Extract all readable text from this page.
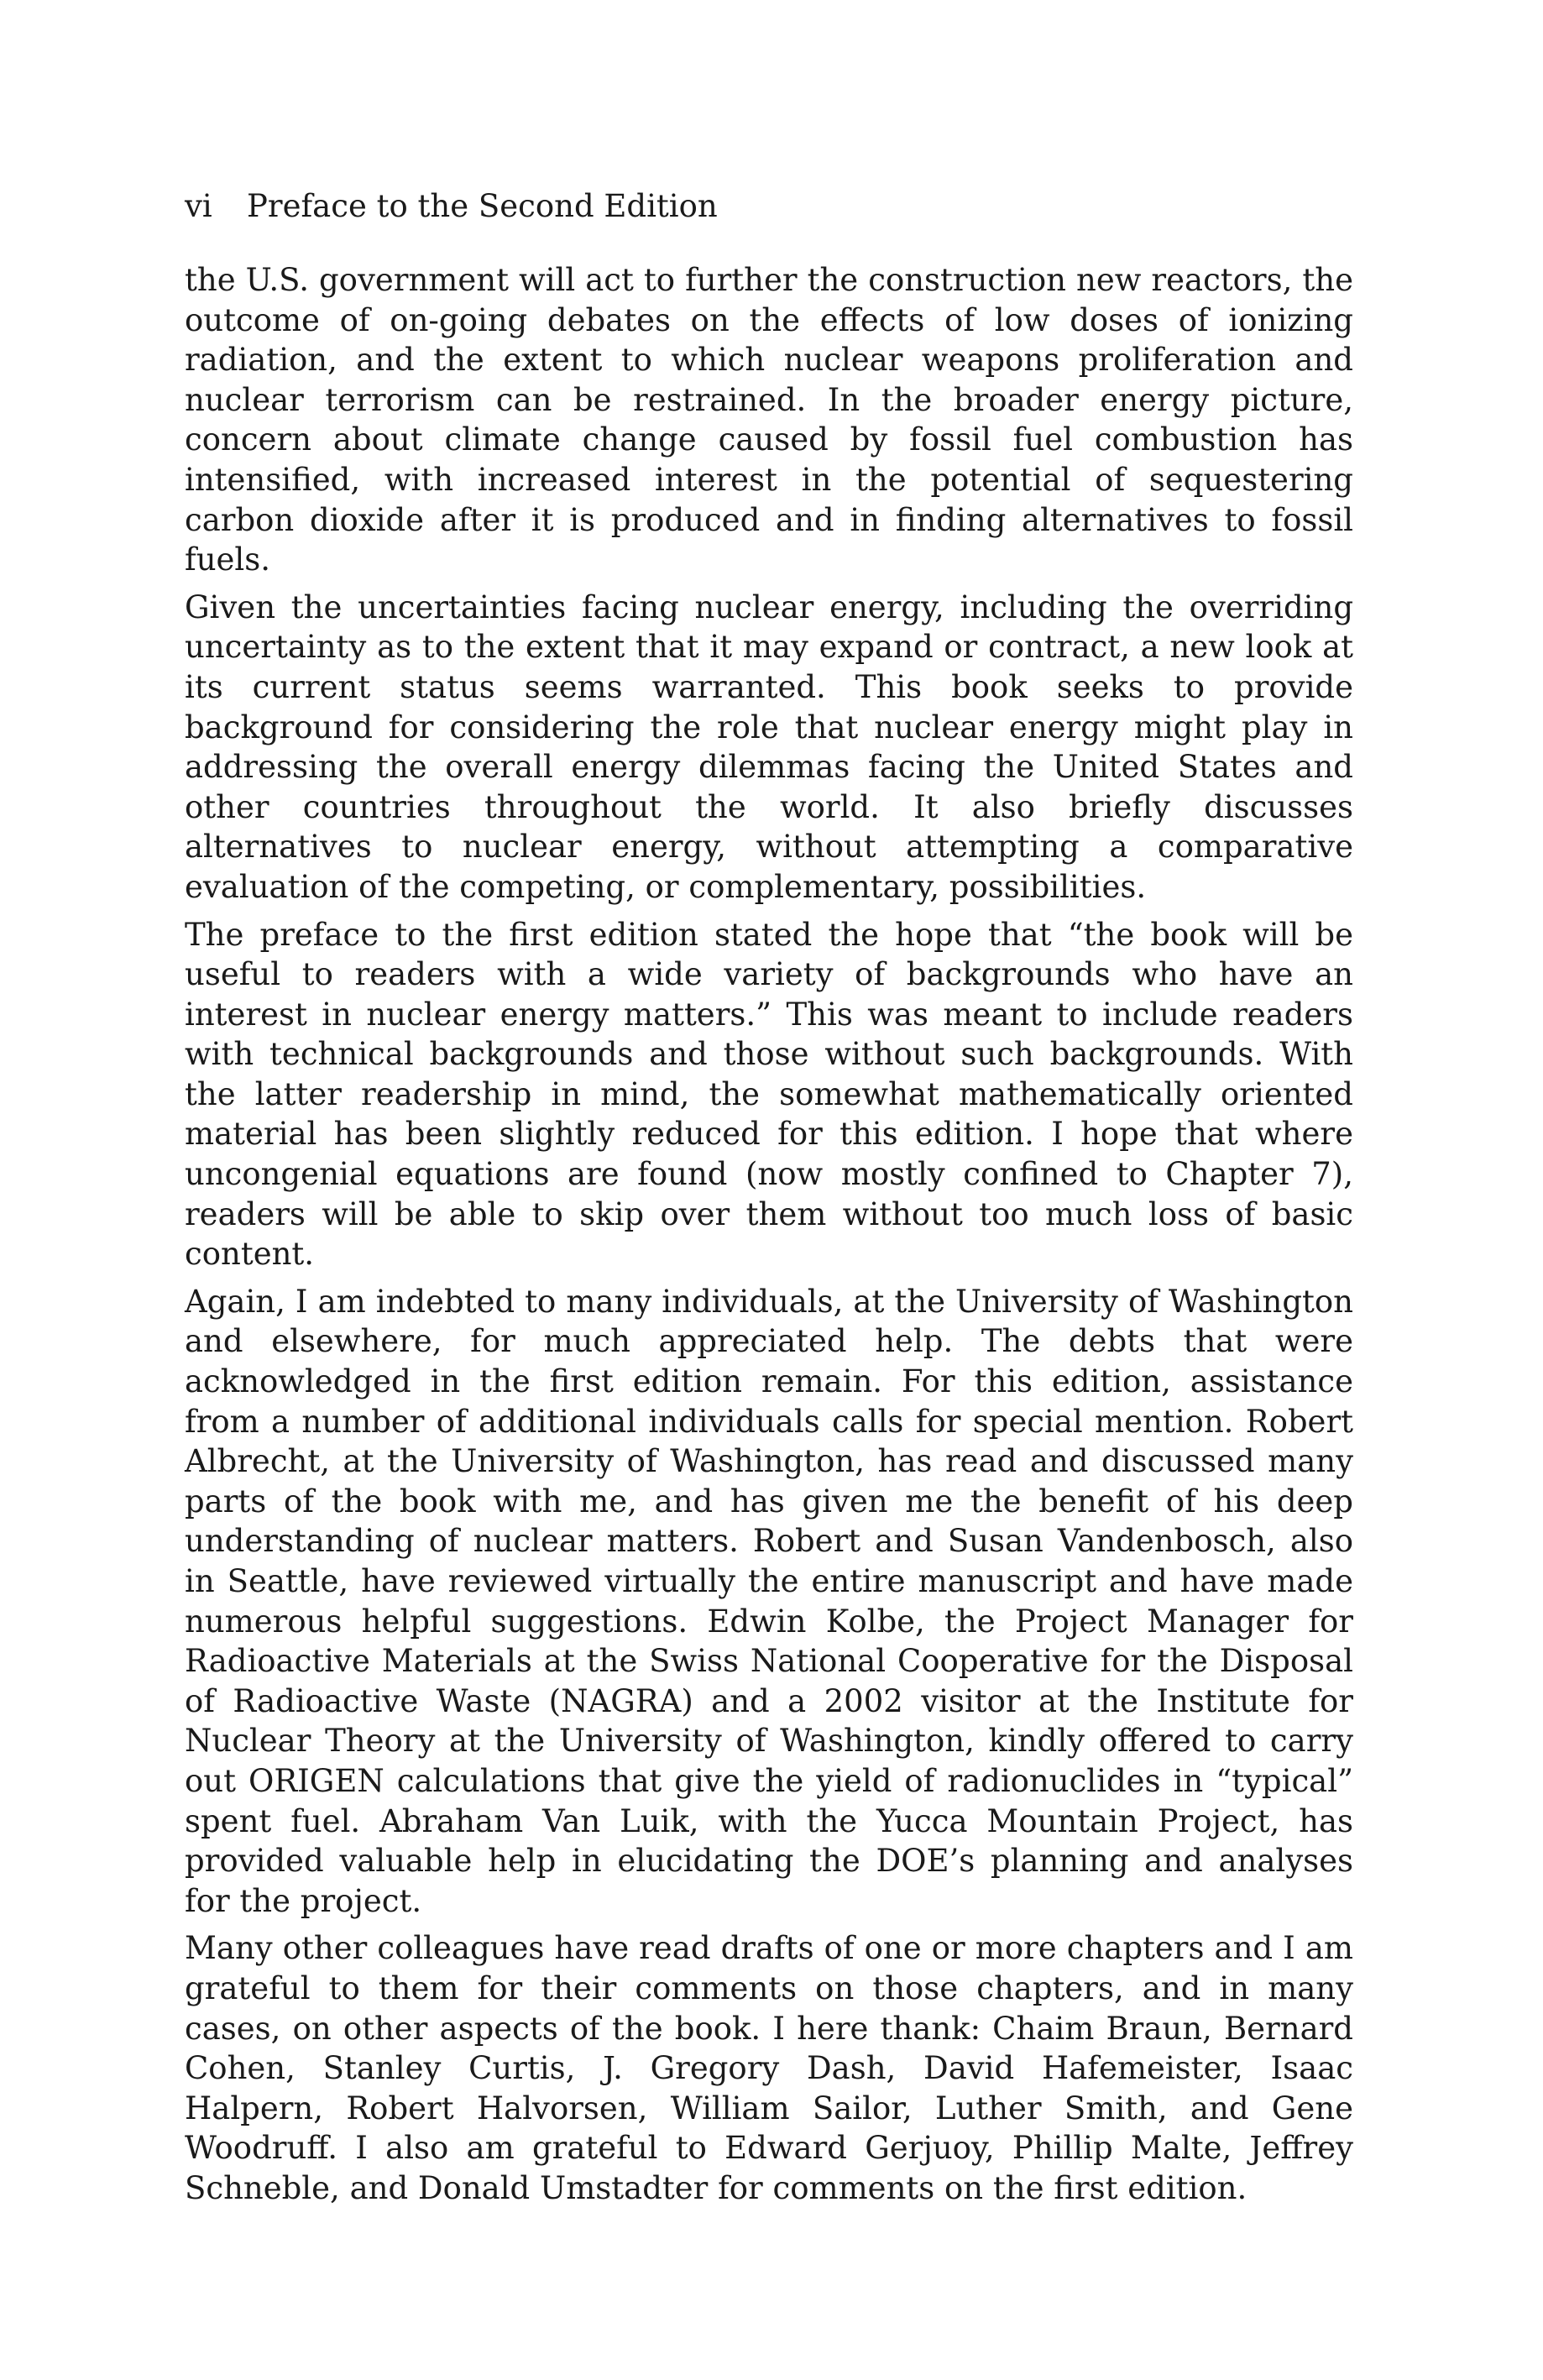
vi Preface to the Second Edition

the U.S. government will act to further the construction new reactors, the outcome of on-going debates on the effects of low doses of ionizing radiation, and the extent to which nuclear weapons proliferation and nuclear terrorism can be restrained. In the broader energy picture, concern about climate change caused by fossil fuel combustion has intensified, with increased interest in the potential of sequestering carbon dioxide after it is produced and in finding alternatives to fossil fuels.

Given the uncertainties facing nuclear energy, including the overriding uncertainty as to the extent that it may expand or contract, a new look at its current status seems warranted. This book seeks to provide background for considering the role that nuclear energy might play in addressing the overall energy dilemmas facing the United States and other countries throughout the world. It also briefly discusses alternatives to nuclear energy, without attempting a comparative evaluation of the competing, or complementary, possibilities.

The preface to the first edition stated the hope that “the book will be useful to readers with a wide variety of backgrounds who have an interest in nuclear energy matters.” This was meant to include readers with technical backgrounds and those without such backgrounds. With the latter readership in mind, the somewhat mathematically oriented material has been slightly reduced for this edition. I hope that where uncongenial equations are found (now mostly confined to Chapter 7), readers will be able to skip over them without too much loss of basic content.

Again, I am indebted to many individuals, at the University of Washington and elsewhere, for much appreciated help. The debts that were acknowledged in the first edition remain. For this edition, assistance from a number of additional individuals calls for special mention. Robert Albrecht, at the University of Washington, has read and discussed many parts of the book with me, and has given me the benefit of his deep understanding of nuclear matters. Robert and Susan Vandenbosch, also in Seattle, have reviewed virtually the entire manuscript and have made numerous helpful suggestions. Edwin Kolbe, the Project Manager for Radioactive Materials at the Swiss National Cooperative for the Disposal of Radioactive Waste (NAGRA) and a 2002 visitor at the Institute for Nuclear Theory at the University of Washington, kindly offered to carry out ORIGEN calculations that give the yield of radionuclides in “typical” spent fuel. Abraham Van Luik, with the Yucca Mountain Project, has provided valuable help in elucidating the DOE’s planning and analyses for the project.

Many other colleagues have read drafts of one or more chapters and I am grateful to them for their comments on those chapters, and in many cases, on other aspects of the book. I here thank: Chaim Braun, Bernard Cohen, Stanley Curtis, J. Gregory Dash, David Hafemeister, Isaac Halpern, Robert Halvorsen, William Sailor, Luther Smith, and Gene Woodruff. I also am grateful to Edward Gerjuoy, Phillip Malte, Jeffrey Schneble, and Donald Umstadter for comments on the first edition.
